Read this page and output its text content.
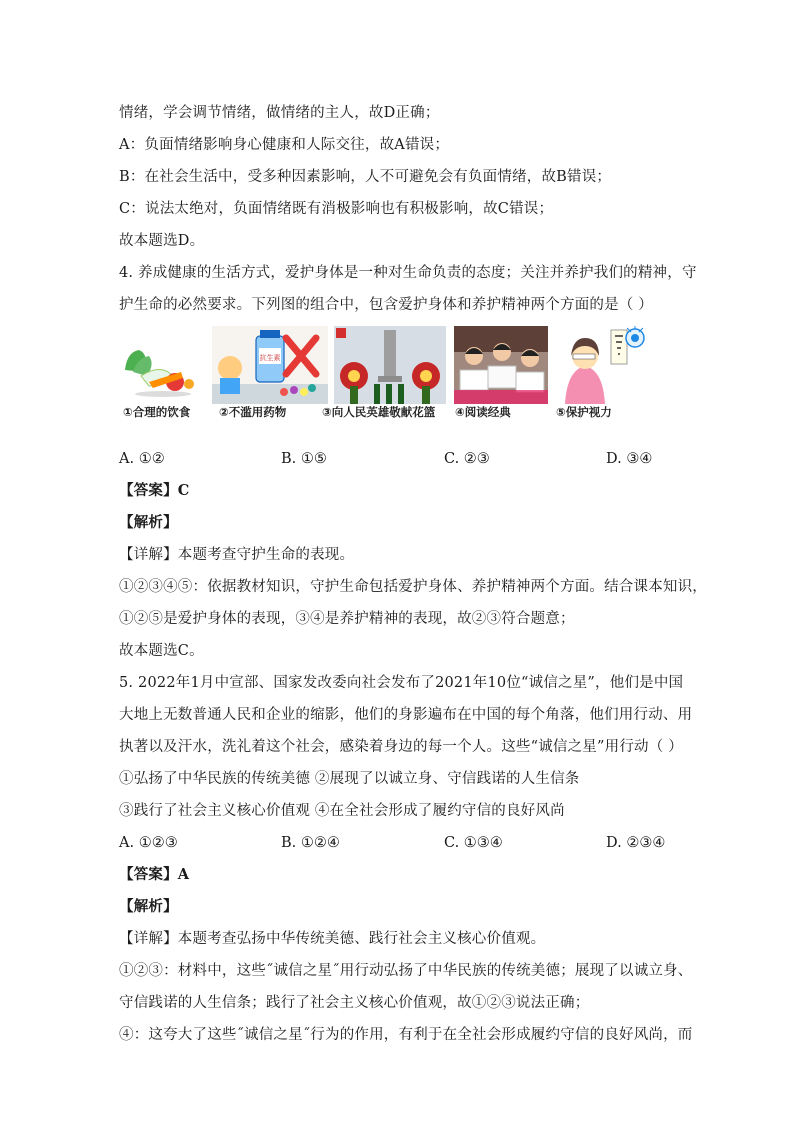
情绪，学会调节情绪，做情绪的主人，故D正确；
A：负面情绪影响身心健康和人际交往，故A错误；
B：在社会生活中，受多种因素影响，人不可避免会有负面情绪，故B错误；
C：说法太绝对，负面情绪既有消极影响也有积极影响，故C错误；
故本题选D。
4. 养成健康的生活方式，爱护身体是一种对生命负责的态度；关注并养护我们的精神，守
护生命的必然要求。下列图的组合中，包含爱护身体和养护精神两个方面的是（ ）
①合理的饮食
抗生素
②不滥用药物	③向人民英雄敬献花篮 ④阅读经典	⑤保护视力
A. ①②	B. ①⑤	C. ②③	D. ③④
【答案】C
【解析】
【详解】本题考查守护生命的表现。
①②③④⑤：依据教材知识，守护生命包括爱护身体、养护精神两个方面。结合课本知识，
①②⑤是爱护身体的表现，③④是养护精神的表现，故②③符合题意；
故本题选C。
5. 2022年1月中宣部、国家发改委向社会发布了2021年10位“诚信之星”，他们是中国
大地上无数普通人民和企业的缩影，他们的身影遍布在中国的每个角落，他们用行动、用
执著以及汗水，洗礼着这个社会，感染着身边的每一个人。这些“诚信之星”用行动（ ）
①弘扬了中华民族的传统美德 ②展现了以诚立身、守信践诺的人生信条
③践行了社会主义核心价值观 ④在全社会形成了履约守信的良好风尚
A. ①②③	B. ①②④	C. ①③④	D. ②③④
【答案】A
【解析】
【详解】本题考查弘扬中华传统美德、践行社会主义核心价值观。
①②③：材料中，这些˝诚信之星˝用行动弘扬了中华民族的传统美德；展现了以诚立身、
守信践诺的人生信条；践行了社会主义核心价值观，故①②③说法正确；
④：这夸大了这些˝诚信之星˝行为的作用，有利于在全社会形成履约守信的良好风尚，而
